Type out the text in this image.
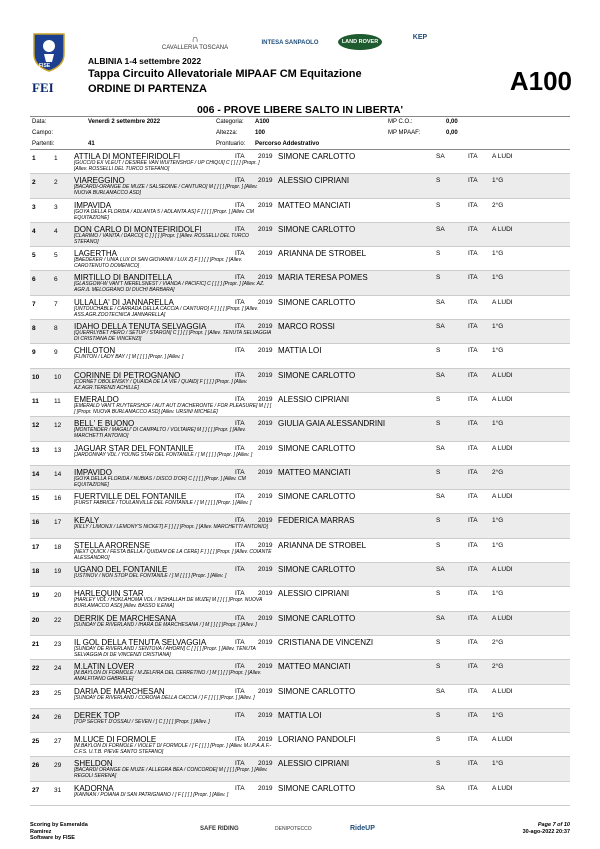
FISE
FEI
∩
CAVALLERIA TOSCANA
INTESA SANPAOLO	LAND ROVER
KEP
ALBINIA 1-4 settembre 2022
Tappa Circuito Allevatoriale MIPAAF CM Equitazione
ORDINE DI PARTENZA	A100
006 - PROVE LIBERE SALTO IN LIBERTA'
Data:	Venerdì 2 settembre 2022	Categoria: A100	MP C.O.:	0,00
Campo:	Altezza:	100	MP MPAAF:	0,00
Partenti:	41	Prontuario: Percorso Addestrativo
1	1 ATTILA DI MONTEFIRIDOLFI
[GUCCIO EX VLEUT / DESIREE VAN WUITENSHOF / UP CHIQUI] C [ ] [ ] [Propr. ] [Allev. ROSSELLI DEL TURCO STEFANO]
ITA 2019 SIMONE CARLOTTO	SA	ITA A LUDI
2	2 VIAREGGINO
[BACARDI-ORANGE DE MUZE / SALSEDINE / CANTURO] M [ ] [ ] [Propr. ] [Allev. NUOVA BURLAMACCO ASD]
ITA 2019 ALESSIO CIPRIANI	S	ITA 1°G
3	3 IMPAVIDA
[GOYA DELLA FLORIDA / ADLANTA 5 / ADLANTA AS] F [ ] [ ] [Propr. ] [Allev. CM EQUITAZIONE]
ITA 2019 MATTEO MANCIATI	S	ITA 2°G
4	4 DON CARLO DI MONTEFIRIDOLFI
[CLARIMO / VANITA / DARCO] C [ ] [ ] [Propr. ] [Allev. ROSSELLI DEL TURCO STEFANO]
ITA 2019 SIMONE CARLOTTO	SA	ITA A LUDI
5	5 LAGERTHA
[BAEDEKER / UNIA LUX DI SAN GIOVANNI / LUX Z] F [ ] [ ] [Propr. ] [Allev. CAROTENUTO DOMENICO]
ITA 2019 ARIANNA DE STROBEL	S	ITA 1°G
6	6 MIRTILLO DI BANDITELLA
[GLASGOW-W VAN'T MERELSNEST / VIANDA / PACIFIC] C [ ] [ ] [Propr. ] [Allev. AZ. AGR.IL MELOGRANO DI DUCHI BARBARA]
ITA 2019 MARIA TERESA POMES	S	ITA 1°G
7	7 ULLALLA' DI JANNARELLA
[UNTOUCHABLE / CARRADA DELLA CACCIA / CANTURO] F [ ] [ ] [Propr. ] [Allev. ASS.AGR.ZOOTECNICA JANNARELLA]
ITA 2019 SIMONE CARLOTTO	SA	ITA A LUDI
8	8 IDAHO DELLA TENUTA SELVAGGIA
[QUERRLYBET HERO / SETUP / STARON] C [ ] [ ] [Propr. ] [Allev. TENUTA SELVAGGIA DI CRISTIANA DE VINCENZI]
ITA 2019 MARCO ROSSI	SA	ITA 1°G
9	9 CHILOTON
[FLINTON / LADY BAY / ] M [ ] [ ] [Propr. ] [Allev. ]
ITA 2019 MATTIA LOI	S	ITA 1°G
10 10 CORINNE DI PETROGNANO
[CORNET OBOLENSKY / QUAIDA DE LA VIE / QUAID] F [ ] [ ] [Propr. ] [Allev. AZ.AGR.TERENZI ACHILLE]
ITA 2019 SIMONE CARLOTTO	SA	ITA A LUDI
11 11 EMERALDO
[EMERALD VAN'T RUYTERSHOF / AUT AUT D'ACHERONTE / FOR PLEASURE] M [ ] [ ] [Propr. NUOVA BURLAMACCO ASD] [Allev. URSINI MICHELE]
ITA 2019 ALESSIO CIPRIANI	S	ITA A LUDI
12 12 BELL' E BUONO
[MONTENDER / MAGALI' DI CAMPALTO / VOLTAIRE] M [ ] [ ] [Propr. ] [Allev. MARCHETTI ANTONIO]
ITA 2019 GIULIA GAIA ALESSANDRINI	S	ITA 1°G
13 13 JAGUAR STAR DEL FONTANILE
[JARDONNAY VDL / YOUNG STAR DEL FONTANILE / ] M [ ] [ ] [Propr. ] [Allev. ]
ITA 2019 SIMONE CARLOTTO	SA	ITA A LUDI
14 14 IMPAVIDO
[GOYA DELLA FLORIDA / NUBIAS / DISCO D'OR] C [ ] [ ] [Propr. ] [Allev. CM EQUITAZIONE]
ITA 2019 MATTEO MANCIATI	S	ITA 2°G
15 16 FUERTVILLE DEL FONTANILE
[FURST FABRICE / TOULANVILLE DEL FONTANILE / ] M [ ] [ ] [Propr. ] [Allev. ]
ITA 2019 SIMONE CARLOTTO	SA	ITA A LUDI
16 17 KEALY
[KILLY / LIMONJI / LEMONY'S NICKET] F [ ] [ ] [Propr. ] [Allev. MARCHETTI ANTONIO]
ITA 2019 FEDERICA MARRAS	S	ITA 1°G
17 18 STELLA ARORENSE
[NEXT QUICK / FESTA BELLA / QUIDAM DE LA CERE] F [ ] [ ] [Propr. ] [Allev. COIANTE ALESSANDRO]
ITA 2019 ARIANNA DE STROBEL	S	ITA 1°G
18 19 UGANO DEL FONTANILE
[USTINOV / NON STOP DEL FONTANILE / ] M [ ] [ ] [Propr. ] [Allev. ]
ITA 2019 SIMONE CARLOTTO	SA	ITA A LUDI
19 20 HARLEQUIN STAR
[HARLEY VDL / HOKLAHOMA VDL / INSHALLAH DE MUZE] M [ ] [ ] [Propr. NUOVA BURLAMACCO ASD] [Allev. BASSO ILENIA]
ITA 2019 ALESSIO CIPRIANI	S	ITA 1°G
20 22 DERRIK DE MARCHESANA
[SUNDAY DE RIVERLAND / IHARA DE MARCHESANA / ] M [ ] [ ] [Propr. ] [Allev. ]
ITA 2019 SIMONE CARLOTTO	SA	ITA A LUDI
21 23 IL GOL DELLA TENUTA SELVAGGIA
[SUNDAY DE RIVERLAND / SENTOVA / AHORN] C [ ] [ ] [Propr. ] [Allev. TENUTA SELVAGGIA DI DE VINCENZI CRISTIANA]
ITA 2019 CRISTIANA DE VINCENZI	S	ITA 2°G
22 24 M.LATIN LOVER
[M.BAYLON DI FORMOLE / M.ZELFIRA DEL CERRETINO / ] M [ ] [ ] [Propr. ] [Allev. AMALFITANO GABRIELE]
ITA 2019 MATTEO MANCIATI	S	ITA 2°G
23 25 DARIA DE MARCHESAN
[SUNDAY DE RIVERLAND / CORONA DELLA CACCIA / ] F [ ] [ ] [Propr. ] [Allev. ]
ITA 2019 SIMONE CARLOTTO	SA	ITA A LUDI
24 26 DEREK TOP
[TOP SECRET D'OSSAU / SEVEN / ] C [ ] [ ] [Propr. ] [Allev. ]
ITA 2019 MATTIA LOI	S	ITA 1°G
25 27 M.LUCE DI FORMOLE
[M.BAYLON DI FORMOLE / VIOLET DI FORMOLE / ] F [ ] [ ] [Propr. ] [Allev. M.I.P.A.A.F.-C.F.S. U.T.B. PIEVE SANTO STEFANO]
ITA 2019 LORIANO PANDOLFI	S	ITA A LUDI
26 29 SHELDON
[BACARDI ORANGE DE MUZE / ALLEGRA BEA / CONCORDE] M [ ] [ ] [Propr. ] [Allev. REGOLI SERENA]
ITA 2019 ALESSIO CIPRIANI	S	ITA 1°G
27 31 KADORNA
[KANNAN / POIANA DI SAN PATRIGNANO / ] F [ ] [ ] [Propr. ] [Allev. ]
ITA 2019 SIMONE CARLOTTO	SA	ITA A LUDI
Scoring by Esmeralda
Ramirez
Software by FISE
SAFE RIDING	DENIPOTECCO	RideUP	Page 7 of 10
30-ago-2022 20:37
